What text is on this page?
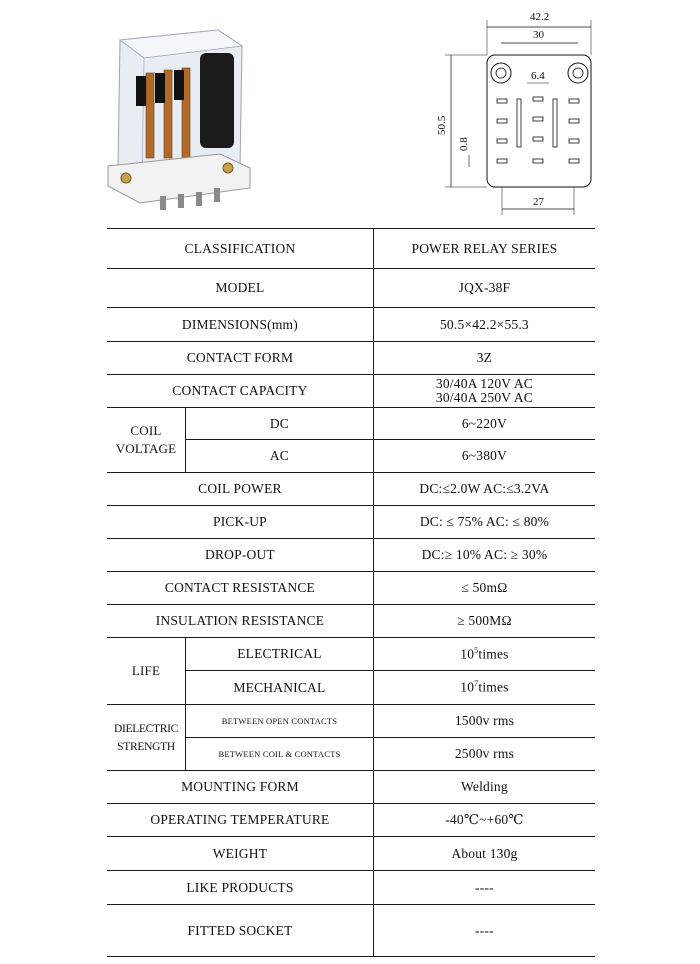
42.2
30
6.4
50.5
0.8
27
CLASSIFICATION		POWER RELAY SERIES
MODEL		JQX-38F
DIMENSIONS(mm)		50.5×42.2×55.3
CONTACT FORM		3Z
CONTACT CAPACITY		30/40A 120V AC
30/40A 250V AC

COIL
VOLTAGE	DC	6~220V
	AC	6~380V
COIL POWER		DC:≤2.0W AC:≤3.2VA
PICK-UP		DC: ≤ 75% AC: ≤ 80%
DROP-OUT		DC:≥ 10% AC: ≥ 30%
CONTACT RESISTANCE		≤ 50mΩ
INSULATION RESISTANCE		≥ 500MΩ
LIFE	ELECTRICAL	$10^5times$
	MECHANICAL	$10^7times$

DIELECTRIC
STRENGTH	BETWEEN OPEN CONTACTS	1500v rms
	BETWEEN COIL & CONTACTS	2500v rms
MOUNTING FORM		Welding
OPERATING TEMPERATURE		-40℃~+60℃
WEIGHT		About 130g
LIKE PRODUCTS		----
FITTED SOCKET		----
